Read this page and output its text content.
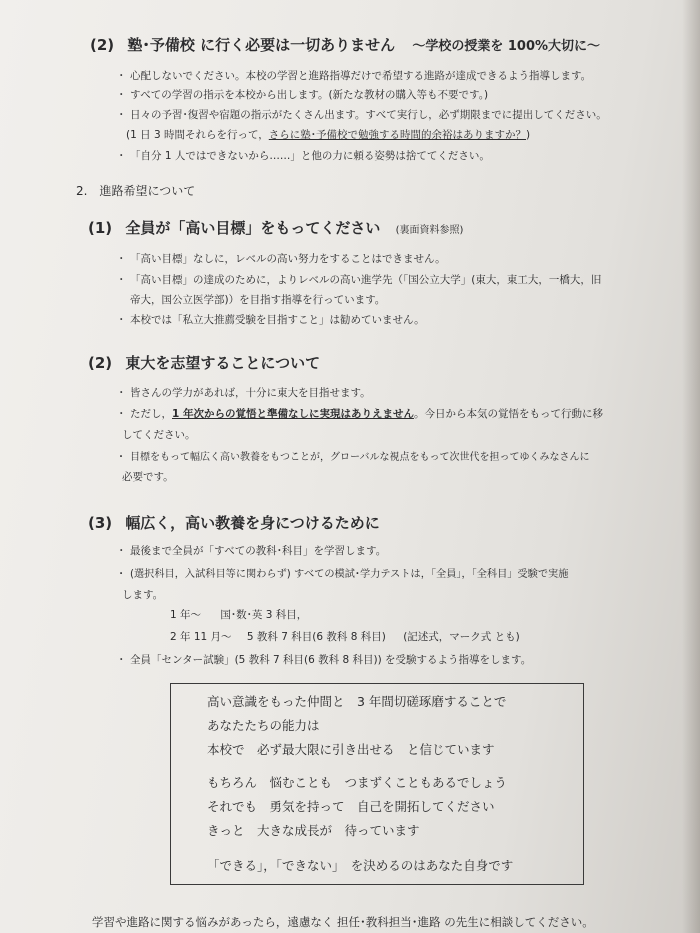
(2) 塾･予備校 に行く必要は一切ありません ～学校の授業を 100%大切に～
・ 心配しないでください。本校の学習と進路指導だけで希望する進路が達成できるよう指導します。
・ すべての学習の指示を本校から出します。(新たな教材の購入等も不要です。)
・ 日々の予習･復習や宿題の指示がたくさん出ます。すべて実行し，必ず期限までに提出してください。
(1 日 3 時間それらを行って，さらに塾･予備校で勉強する時間的余裕はありますか？)
・ 「自分 1 人ではできないから……」と他の力に頼る姿勢は捨ててください。
2.　進路希望について
(1) 全員が「高い目標」をもってください (裏面資料参照)
・ 「高い目標」なしに，レベルの高い努力をすることはできません。
・ 「高い目標」の達成のために，よりレベルの高い進学先（「国公立大学」(東大，東工大，一橋大，旧
帝大，国公立医学部)）を目指す指導を行っています。
・ 本校では「私立大推薦受験を目指すこと」は勧めていません。
(2) 東大を志望することについて
・ 皆さんの学力があれば，十分に東大を目指せます。
・ ただし，1 年次からの覚悟と準備なしに実現はありえません。今日から本気の覚悟をもって行動に移
してください。
・ 目標をもって幅広く高い教養をもつことが，グローバルな視点をもって次世代を担ってゆくみなさんに
必要です。
(3) 幅広く，高い教養を身につけるために
・ 最後まで全員が「すべての教科･科目」を学習します。
・ (選択科目，入試科目等に関わらず) すべての模試･学力テストは，「全員」，「全科目」受験で実施
します。
1 年～ 国･数･英 3 科目，
2 年 11 月～ 5 教科 7 科目(6 教科 8 科目) (記述式，マーク式 とも)
・ 全員「センター試験」(5 教科 7 科目(6 教科 8 科目)) を受験するよう指導をします。
高い意識をもった仲間と　3 年間切磋琢磨することで
あなたたちの能力は
本校で　必ず最大限に引き出せる　と信じています
もちろん　悩むことも　つまずくこともあるでしょう
それでも　勇気を持って　自己を開拓してください
きっと　大きな成長が　待っています
「できる」，「できない」　を決めるのはあなた自身です
学習や進路に関する悩みがあったら，遠慮なく 担任･教科担当･進路 の先生に相談してください。
